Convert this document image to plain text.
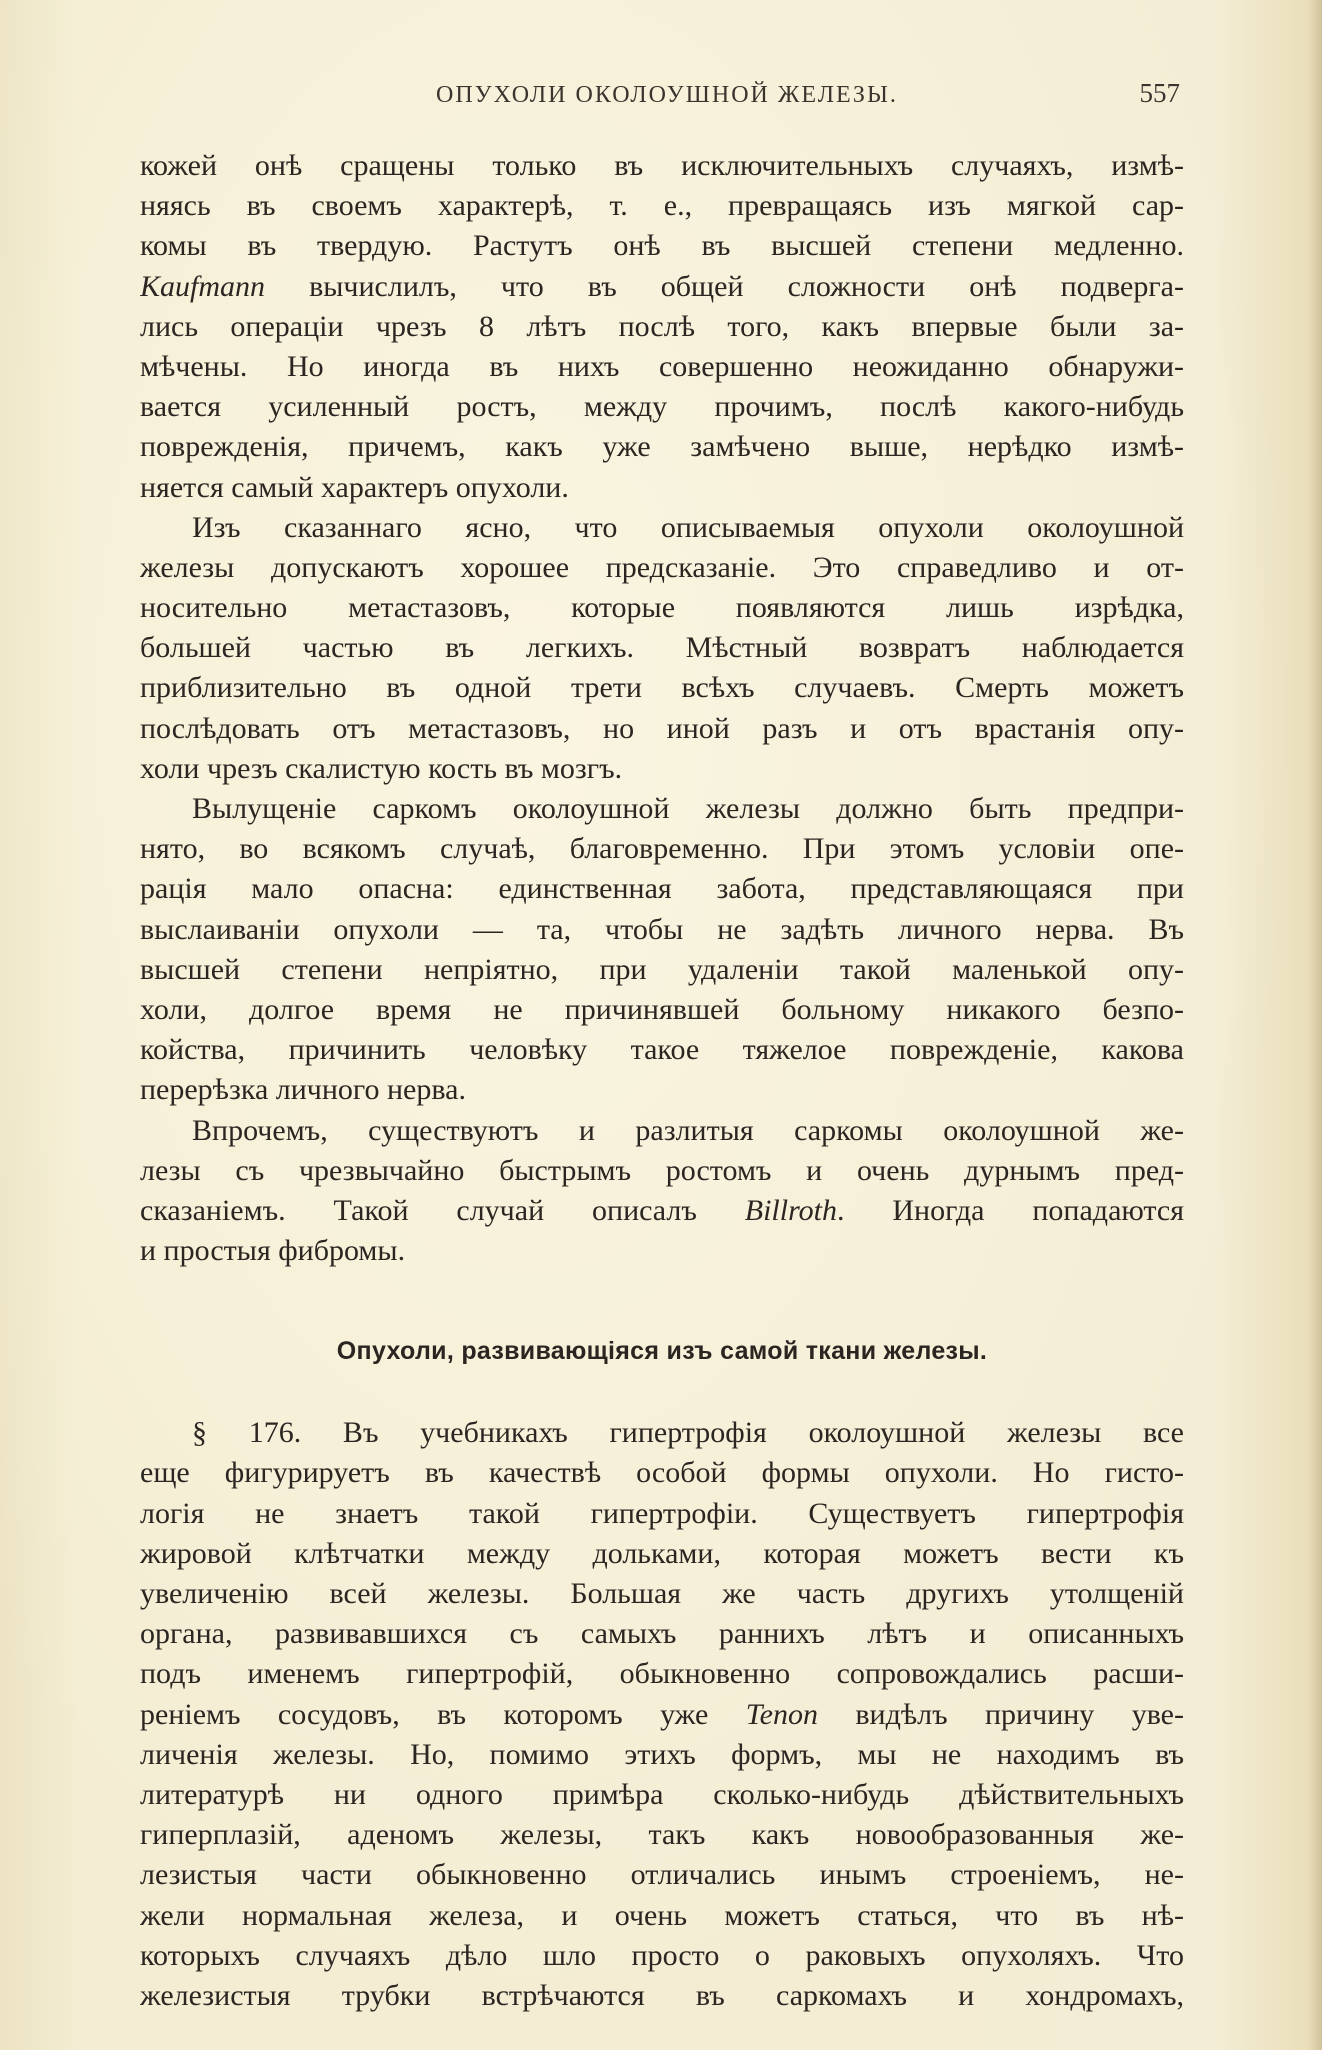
ОПУХОЛИ ОКОЛОУШНОЙ ЖЕЛЕЗЫ.	557
кожей онѣ сращены только въ исключительныхъ случаяхъ, измѣ-
няясь въ своемъ характерѣ, т. е., превращаясь изъ мягкой сар-
комы въ твердую. Растутъ онѣ въ высшей степени медленно.
Kaufmann вычислилъ, что въ общей сложности онѣ подверга-
лись операціи чрезъ 8 лѣтъ послѣ того, какъ впервые были за-
мѣчены. Но иногда въ нихъ совершенно неожиданно обнаружи-
вается усиленный ростъ, между прочимъ, послѣ какого-нибудь
поврежденія, причемъ, какъ уже замѣчено выше, нерѣдко измѣ-
няется самый характеръ опухоли.
Изъ сказаннаго ясно, что описываемыя опухоли околоушной
железы допускаютъ хорошее предсказаніе. Это справедливо и от-
носительно метастазовъ, которые появляются лишь изрѣдка,
большей частью въ легкихъ. Мѣстный возвратъ наблюдается
приблизительно въ одной трети всѣхъ случаевъ. Смерть можетъ
послѣдовать отъ метастазовъ, но иной разъ и отъ врастанія опу-
холи чрезъ скалистую кость въ мозгъ.
Вылущеніе саркомъ околоушной железы должно быть предпри-
нято, во всякомъ случаѣ, благовременно. При этомъ условіи опе-
рація мало опасна: единственная забота, представляющаяся при
выслаиваніи опухоли — та, чтобы не задѣть личного нерва. Въ
высшей степени непріятно, при удаленіи такой маленькой опу-
холи, долгое время не причинявшей больному никакого безпо-
койства, причинить человѣку такое тяжелое поврежденіе, какова
перерѣзка личного нерва.
Впрочемъ, существуютъ и разлитыя саркомы околоушной же-
лезы съ чрезвычайно быстрымъ ростомъ и очень дурнымъ пред-
сказаніемъ. Такой случай описалъ Billroth. Иногда попадаются
и простыя фибромы.
Опухоли, развивающіяся изъ самой ткани железы.
§ 176. Въ учебникахъ гипертрофія околоушной железы все
еще фигурируетъ въ качествѣ особой формы опухоли. Но гисто-
логія не знаетъ такой гипертрофіи. Существуетъ гипертрофія
жировой клѣтчатки между дольками, которая можетъ вести къ
увеличенію всей железы. Большая же часть другихъ утолщеній
органа, развивавшихся съ самыхъ раннихъ лѣтъ и описанныхъ
подъ именемъ гипертрофій, обыкновенно сопровождались расши-
реніемъ сосудовъ, въ которомъ уже Tenon видѣлъ причину уве-
личенія железы. Но, помимо этихъ формъ, мы не находимъ въ
литературѣ ни одного примѣра сколько-нибудь дѣйствительныхъ
гиперплазій, аденомъ железы, такъ какъ новообразованныя же-
лезистыя части обыкновенно отличались инымъ строеніемъ, не-
жели нормальная железа, и очень можетъ статься, что въ нѣ-
которыхъ случаяхъ дѣло шло просто о раковыхъ опухоляхъ. Что
железистыя трубки встрѣчаются въ саркомахъ и хондромахъ,
